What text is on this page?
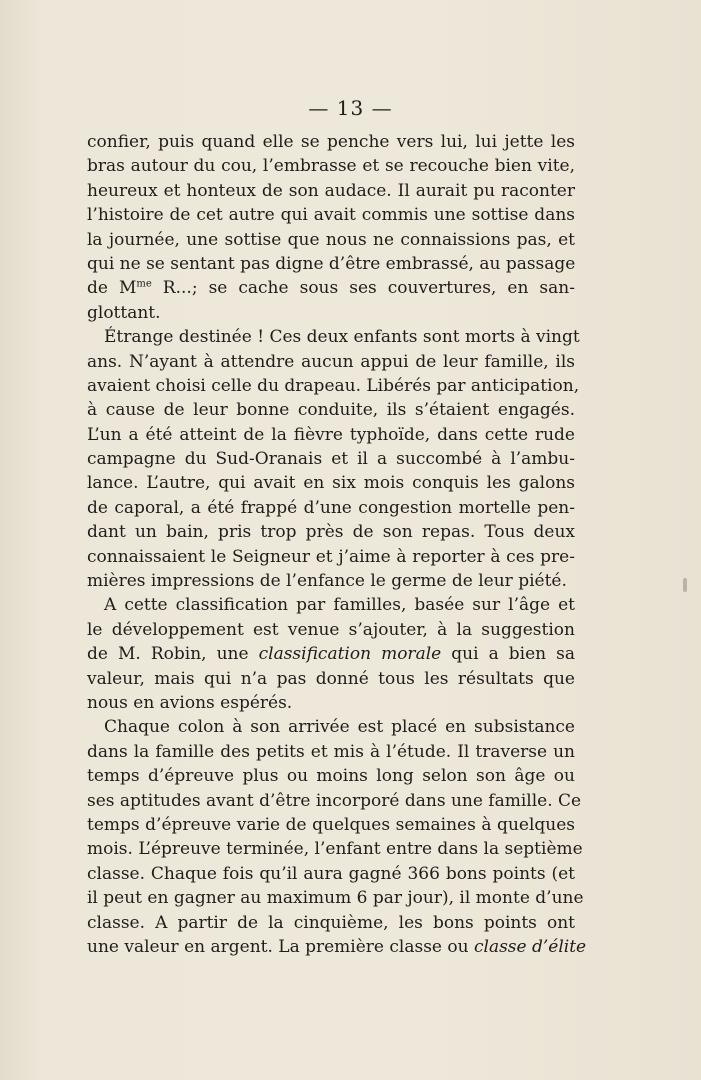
— 13 —
confier, puis quand elle se penche vers lui, lui jette les
bras autour du cou, l’embrasse et se recouche bien vite,
heureux et honteux de son audace. Il aurait pu raconter
l’histoire de cet autre qui avait commis une sottise dans
la journée, une sottise que nous ne connaissions pas, et
qui ne se sentant pas digne d’être embrassé, au passage
de $M^{me}$ R...; se cache sous ses couvertures, en san-
glottant.
Étrange destinée ! Ces deux enfants sont morts à vingt
ans. N’ayant à attendre aucun appui de leur famille, ils
avaient choisi celle du drapeau. Libérés par anticipation,
à cause de leur bonne conduite, ils s’étaient engagés.
L’un a été atteint de la fièvre typhoïde, dans cette rude
campagne du Sud-Oranais et il a succombé à l’ambu-
lance. L’autre, qui avait en six mois conquis les galons
de caporal, a été frappé d’une congestion mortelle pen-
dant un bain, pris trop près de son repas. Tous deux
connaissaient le Seigneur et j’aime à reporter à ces pre-
mières impressions de l’enfance le germe de leur piété.
A cette classification par familles, basée sur l’âge et
le développement est venue s’ajouter, à la suggestion
de M. Robin, une classification morale qui a bien sa
valeur, mais qui n’a pas donné tous les résultats que
nous en avions espérés.
Chaque colon à son arrivée est placé en subsistance
dans la famille des petits et mis à l’étude. Il traverse un
temps d’épreuve plus ou moins long selon son âge ou
ses aptitudes avant d’être incorporé dans une famille. Ce
temps d’épreuve varie de quelques semaines à quelques
mois. L’épreuve terminée, l’enfant entre dans la septième
classe. Chaque fois qu’il aura gagné 366 bons points (et
il peut en gagner au maximum 6 par jour), il monte d’une
classe. A partir de la cinquième, les bons points ont
une valeur en argent. La première classe ou classe d’élite
